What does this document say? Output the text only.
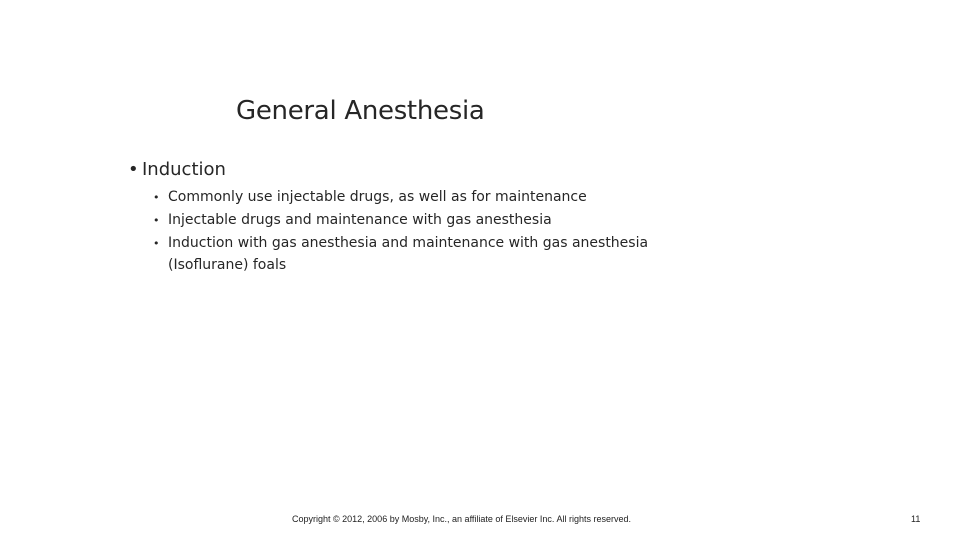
General Anesthesia
• Induction
• Commonly use injectable drugs, as well as for maintenance
• Injectable drugs and maintenance with gas anesthesia
• Induction with gas anesthesia and maintenance with gas anesthesia
(Isoflurane) foals
Copyright © 2012, 2006 by Mosby, Inc., an affiliate of Elsevier Inc. All rights reserved.	11
